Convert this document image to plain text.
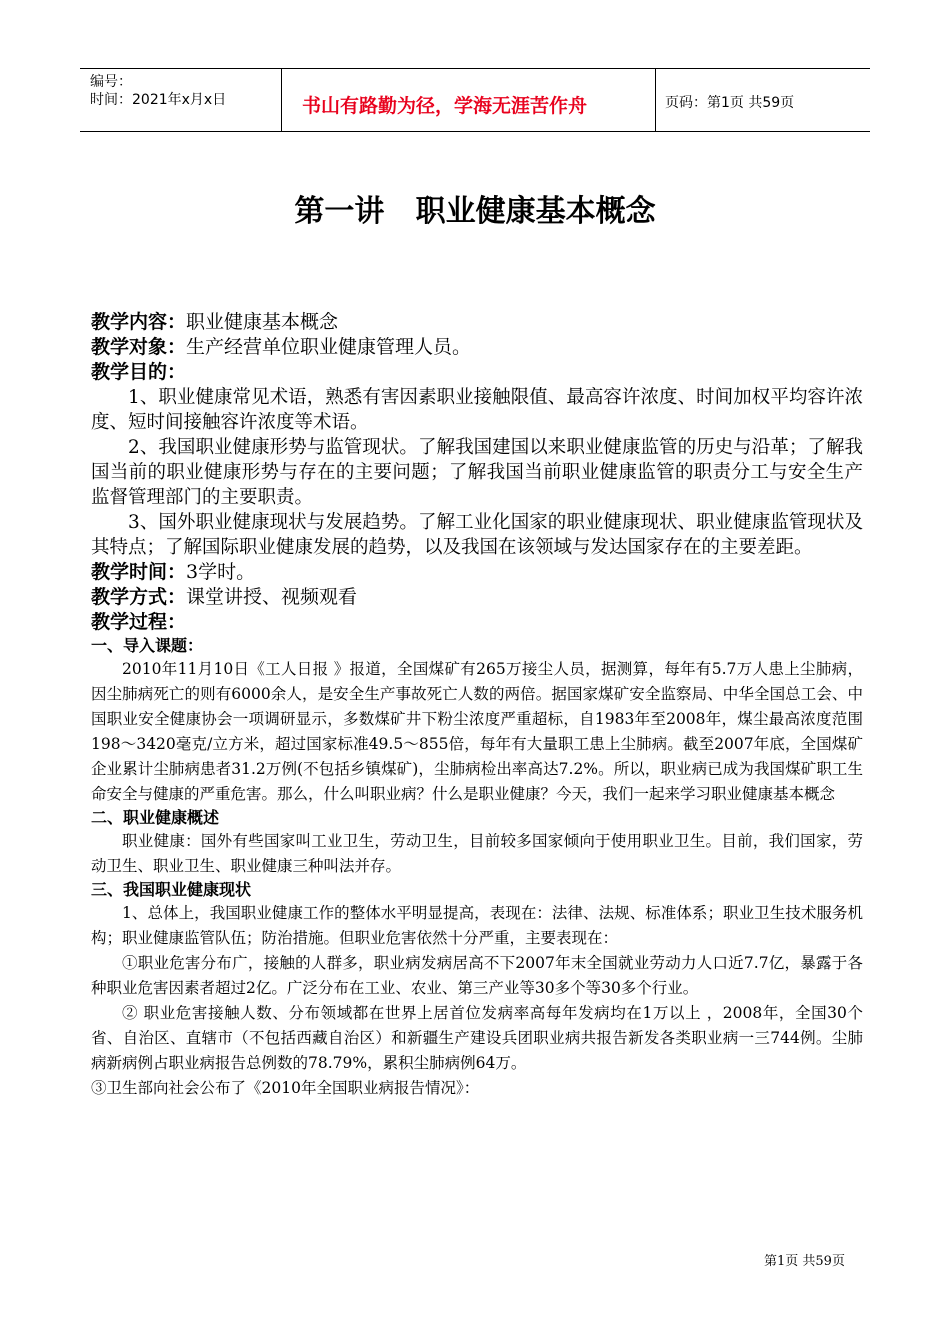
编号：
时间：2021年x月x日	书山有路勤为径，学海无涯苦作舟	页码：第1页 共59页
第一讲   职业健康基本概念
教学内容：职业健康基本概念
教学对象：生产经营单位职业健康管理人员。
教学目的：

1、职业健康常见术语，熟悉有害因素职业接触限值、最高容许浓度、时间加权平均容许浓度、短时间接触容许浓度等术语。

2、我国职业健康形势与监管现状。了解我国建国以来职业健康监管的历史与沿革；了解我国当前的职业健康形势与存在的主要问题；了解我国当前职业健康监管的职责分工与安全生产监督管理部门的主要职责。

3、国外职业健康现状与发展趋势。了解工业化国家的职业健康现状、职业健康监管现状及其特点；了解国际职业健康发展的趋势，以及我国在该领域与发达国家存在的主要差距。

教学时间：3学时。
教学方式：课堂讲授、视频观看
教学过程：

一、导入课题：

2010年11月10日《工人日报 》报道，全国煤矿有265万接尘人员，据测算，每年有5.7万人患上尘肺病，因尘肺病死亡的则有6000余人，是安全生产事故死亡人数的两倍。据国家煤矿安全监察局、中华全国总工会、中国职业安全健康协会一项调研显示，多数煤矿井下粉尘浓度严重超标，自1983年至2008年，煤尘最高浓度范围198～3420毫克/立方米，超过国家标准49.5～855倍，每年有大量职工患上尘肺病。截至2007年底，全国煤矿企业累计尘肺病患者31.2万例(不包括乡镇煤矿)，尘肺病检出率高达7.2%。所以，职业病已成为我国煤矿职工生命安全与健康的严重危害。那么，什么叫职业病？什么是职业健康？今天，我们一起来学习职业健康基本概念

二、职业健康概述

职业健康：国外有些国家叫工业卫生，劳动卫生，目前较多国家倾向于使用职业卫生。目前，我们国家，劳动卫生、职业卫生、职业健康三种叫法并存。

三、我国职业健康现状

1、总体上，我国职业健康工作的整体水平明显提高，表现在：法律、法规、标准体系；职业卫生技术服务机构；职业健康监管队伍；防治措施。但职业危害依然十分严重，主要表现在：

①职业危害分布广，接触的人群多，职业病发病居高不下2007年末全国就业劳动力人口近7.7亿，暴露于各种职业危害因素者超过2亿。广泛分布在工业、农业、第三产业等30多个等30多个行业。

② 职业危害接触人数、分布领域都在世界上居首位发病率高每年发病均在1万以上 ，2008年，全国30个省、自治区、直辖市（不包括西藏自治区）和新疆生产建设兵团职业病共报告新发各类职业病一三744例。尘肺病新病例占职业病报告总例数的78.79%，累积尘肺病例64万。

③卫生部向社会公布了《2010年全国职业病报告情况》：

第1页 共59页
